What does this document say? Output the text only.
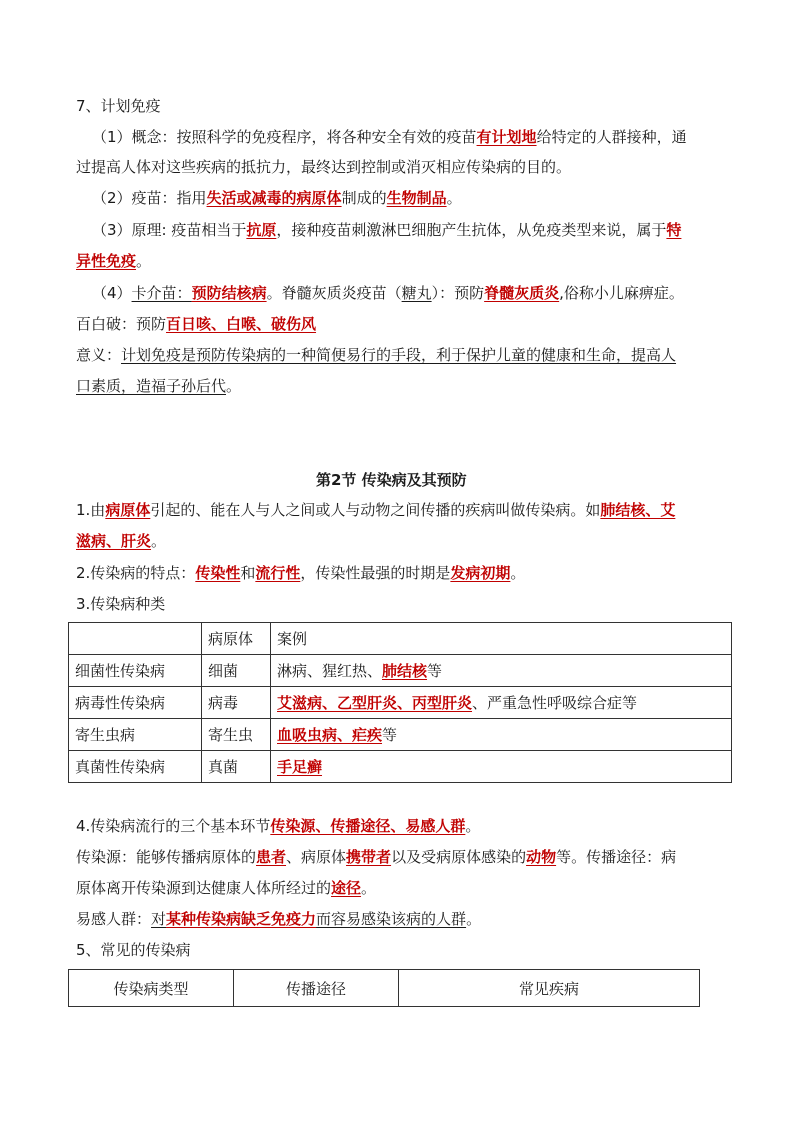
7、计划免疫
（1）概念：按照科学的免疫程序，将各种安全有效的疫苗有计划地给特定的人群接种，通
过提高人体对这些疾病的抵抗力，最终达到控制或消灭相应传染病的目的。
（2）疫苗：指用失活或减毒的病原体制成的生物制品。
（3）原理: 疫苗相当于抗原，接种疫苗刺激淋巴细胞产生抗体，从免疫类型来说，属于特
异性免疫。
（4）卡介苗：预防结核病。脊髓灰质炎疫苗（糖丸）：预防脊髓灰质炎,俗称小儿麻痹症。
百白破：预防百日咳、白喉、破伤风
意义：计划免疫是预防传染病的一种简便易行的手段，利于保护儿童的健康和生命，提高人
口素质，造福子孙后代。
第2节 传染病及其预防
1.由病原体引起的、能在人与人之间或人与动物之间传播的疾病叫做传染病。如肺结核、艾
滋病、肝炎。
2.传染病的特点：传染性和流行性，传染性最强的时期是发病初期。
3.传染病种类
	病原体	案例
细菌性传染病	细菌	淋病、猩红热、肺结核等
病毒性传染病	病毒	艾滋病、乙型肝炎、丙型肝炎、严重急性呼吸综合症等
寄生虫病	寄生虫	血吸虫病、疟疾等
真菌性传染病	真菌	手足癣
4.传染病流行的三个基本环节传染源、传播途径、易感人群。
传染源：能够传播病原体的患者、病原体携带者以及受病原体感染的动物等。传播途径：病
原体离开传染源到达健康人体所经过的途径。
易感人群：对某种传染病缺乏免疫力而容易感染该病的人群。
5、常见的传染病
传染病类型	传播途径	常见疾病
